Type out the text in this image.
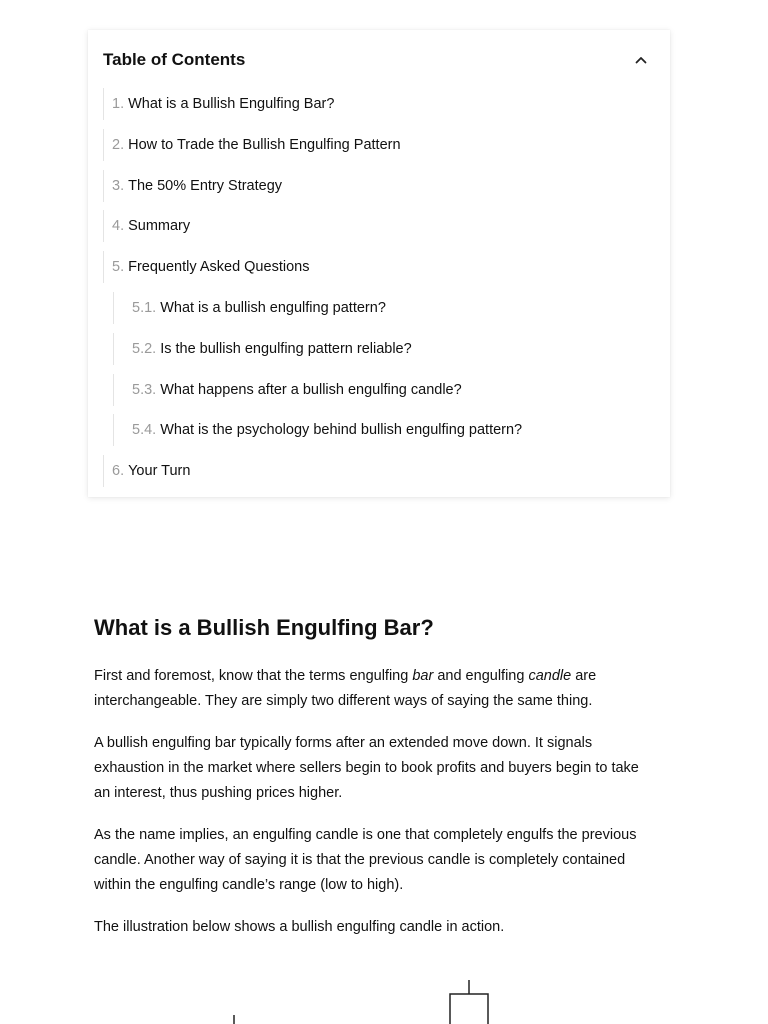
Table of Contents
1. What is a Bullish Engulfing Bar?
2. How to Trade the Bullish Engulfing Pattern
3. The 50% Entry Strategy
4. Summary
5. Frequently Asked Questions
5.1. What is a bullish engulfing pattern?
5.2. Is the bullish engulfing pattern reliable?
5.3. What happens after a bullish engulfing candle?
5.4. What is the psychology behind bullish engulfing pattern?
6. Your Turn
What is a Bullish Engulfing Bar?

First and foremost, know that the terms engulfing bar and engulfing candle are interchangeable. They are simply two different ways of saying the same thing.

A bullish engulfing bar typically forms after an extended move down. It signals exhaustion in the market where sellers begin to book profits and buyers begin to take an interest, thus pushing prices higher.

As the name implies, an engulfing candle is one that completely engulfs the previous candle. Another way of saying it is that the previous candle is completely contained within the engulfing candle’s range (low to high).

The illustration below shows a bullish engulfing candle in action.
